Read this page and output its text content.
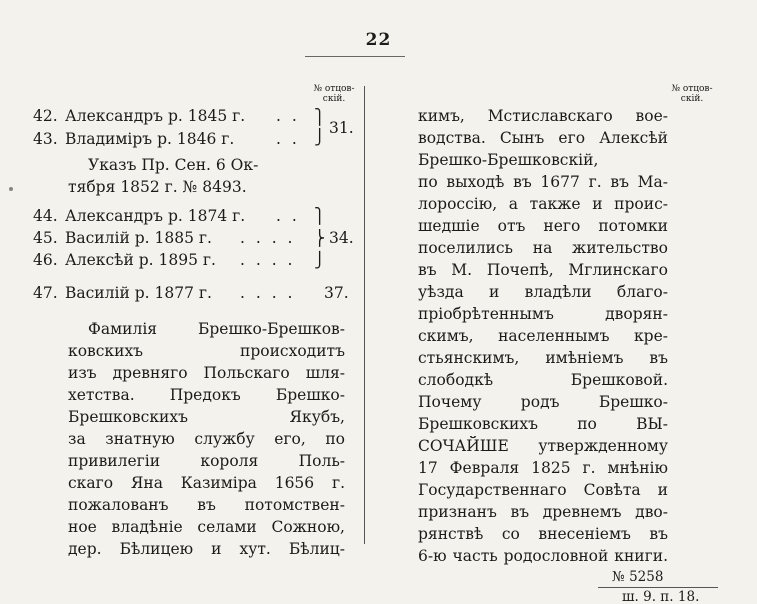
22
№ отцов-
скій.
№ отцов-
скій.
42. Александръ р. 1845 г. . .
43. Владиміръ р. 1846 г.	. .
⎫
⎭ 31.
Указъ Пр. Сен. 6 Ок-
тября 1852 г. № 8493.
44. Александръ р. 1874 г. . .
45. Василій р. 1885 г. . . . .
46. Алексѣй р. 1895 г. . . . .
⎫
⎬
⎭
34.
47. Василій р. 1877 г. . . . . 37.
Фамилія Брешко-Брешков-
ковскихъ происходитъ
изъ древняго Польскаго шля-
хетства. Предокъ Брешко-
Брешковскихъ Якубъ,
за знатную службу его, по
привилегіи короля Поль-
скаго Яна Казиміра 1656 г.
пожалованъ въ потомствен-
ное владѣніе селами Сожною,
дер. Бѣлицею и хут. Бѣлиц-
кимъ, Мстиславскаго вое-
водства. Сынъ его Алексѣй
Брешко-Брешковскій,
по выходѣ въ 1677 г. въ Ма-
лороссію, а также и проис-
шедшіе отъ него потомки
поселились на жительство
въ М. Почепѣ, Мглинскаго
уѣзда и владѣли благо-
пріобрѣтеннымъ дворян-
скимъ, населеннымъ кре-
стьянскимъ, имѣніемъ въ
слободкѣ Брешковой.
Почему родъ Брешко-
Брешковскихъ по ВЫ-
СОЧАЙШЕ утвержденному
17 Февраля 1825 г. мнѣнію
Государственнаго Совѣта и
признанъ въ древнемъ дво-
рянствѣ со внесеніемъ въ
6-ю часть родословной книги.
№ 5258
ш. 9. п. 18.
